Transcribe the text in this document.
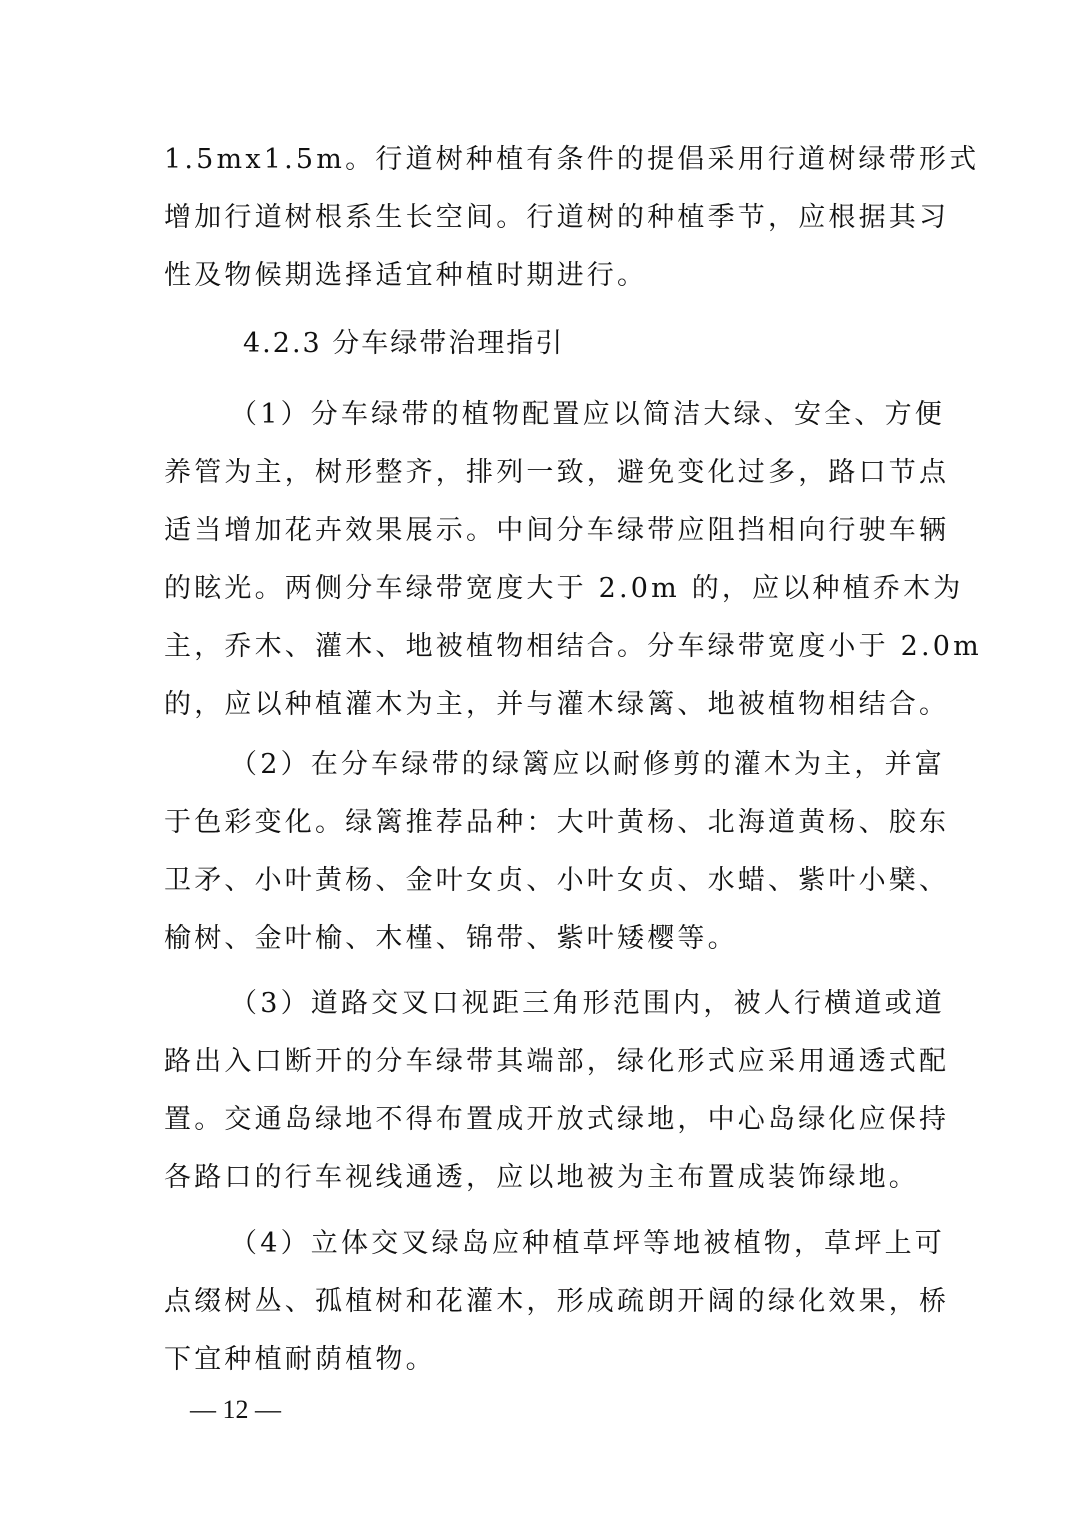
1.5mx1.5m。行道树种植有条件的提倡采用行道树绿带形式
增加行道树根系生长空间。行道树的种植季节，应根据其习
性及物候期选择适宜种植时期进行。
4.2.3 分车绿带治理指引
（1）分车绿带的植物配置应以简洁大绿、安全、方便
养管为主，树形整齐，排列一致，避免变化过多，路口节点
适当增加花卉效果展示。中间分车绿带应阻挡相向行驶车辆
的眩光。两侧分车绿带宽度大于 2.0m 的，应以种植乔木为
主，乔木、灌木、地被植物相结合。分车绿带宽度小于 2.0m
的，应以种植灌木为主，并与灌木绿篱、地被植物相结合。
（2）在分车绿带的绿篱应以耐修剪的灌木为主，并富
于色彩变化。绿篱推荐品种：大叶黄杨、北海道黄杨、胶东
卫矛、小叶黄杨、金叶女贞、小叶女贞、水蜡、紫叶小檗、
榆树、金叶榆、木槿、锦带、紫叶矮樱等。
（3）道路交叉口视距三角形范围内，被人行横道或道
路出入口断开的分车绿带其端部，绿化形式应采用通透式配
置。交通岛绿地不得布置成开放式绿地，中心岛绿化应保持
各路口的行车视线通透，应以地被为主布置成装饰绿地。
（4）立体交叉绿岛应种植草坪等地被植物，草坪上可
点缀树丛、孤植树和花灌木，形成疏朗开阔的绿化效果，桥
下宜种植耐荫植物。
— 12 —
